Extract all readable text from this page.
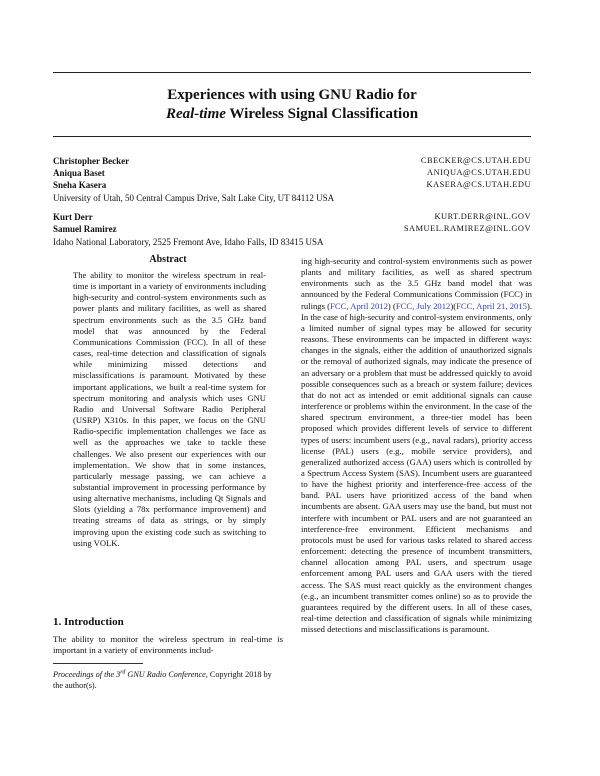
Experiences with using GNU Radio for
Real-time Wireless Signal Classification
Christopher Becker	CBECKER@CS.UTAH.EDU
Aniqua Baset	ANIQUA@CS.UTAH.EDU
Sneha Kasera	KASERA@CS.UTAH.EDU
University of Utah, 50 Central Campus Drive, Salt Lake City, UT 84112 USA
Kurt Derr	KURT.DERR@INL.GOV
Samuel Ramirez	SAMUEL.RAMIREZ@INL.GOV
Idaho National Laboratory, 2525 Fremont Ave, Idaho Falls, ID 83415 USA
Abstract
The ability to monitor the wireless spectrum in real-time is important in a variety of environments including high-security and control-system environments such as power plants and military facilities, as well as shared spectrum environments such as the 3.5 GHz band model that was announced by the Federal Communications Commission (FCC). In all of these cases, real-time detection and classification of signals while minimizing missed detections and misclassifications is paramount. Motivated by these important applications, we built a real-time system for spectrum monitoring and analysis which uses GNU Radio and Universal Software Radio Peripheral (USRP) X310s. In this paper, we focus on the GNU Radio-specific implementation challenges we face as well as the approaches we take to tackle these challenges. We also present our experiences with our implementation. We show that in some instances, particularly message passing, we can achieve a substantial improvement in processing performance by using alternative mechanisms, including Qt Signals and Slots (yielding a 78x performance improvement) and treating streams of data as strings, or by simply improving upon the existing code such as switching to using VOLK.
1. Introduction
The ability to monitor the wireless spectrum in real-time is important in a variety of environments includ-
Proceedings of the 3rd GNU Radio Conference, Copyright 2018 by the author(s).
ing high-security and control-system environments such as power plants and military facilities, as well as shared spectrum environments such as the 3.5 GHz band model that was announced by the Federal Communications Commission (FCC) in rulings (FCC, April 2012) (FCC, July 2012)(FCC, April 21, 2015). In the case of high-security and control-system environments, only a limited number of signal types may be allowed for security reasons. These environments can be impacted in different ways: changes in the signals, either the addition of unauthorized signals or the removal of authorized signals, may indicate the presence of an adversary or a problem that must be addressed quickly to avoid possible consequences such as a breach or system failure; devices that do not act as intended or emit additional signals can cause interference or problems within the environment. In the case of the shared spectrum environment, a three-tier model has been proposed which provides different levels of service to different types of users: incumbent users (e.g., naval radars), priority access license (PAL) users (e.g., mobile service providers), and generalized authorized access (GAA) users which is controlled by a Spectrum Access System (SAS). Incumbent users are guaranteed to have the highest priority and interference-free access of the band. PAL users have prioritized access of the band when incumbents are absent. GAA users may use the band, but must not interfere with incumbent or PAL users and are not guaranteed an interference-free environment. Efficient mechanisms and protocols must be used for various tasks related to shared access enforcement: detecting the presence of incumbent transmitters, channel allocation among PAL users, and spectrum usage enforcement among PAL users and GAA users with the tiered access. The SAS must react quickly as the environment changes (e.g., an incumbent transmitter comes online) so as to provide the guarantees required by the different users. In all of these cases, real-time detection and classification of signals while minimizing missed detections and misclassifications is paramount.
